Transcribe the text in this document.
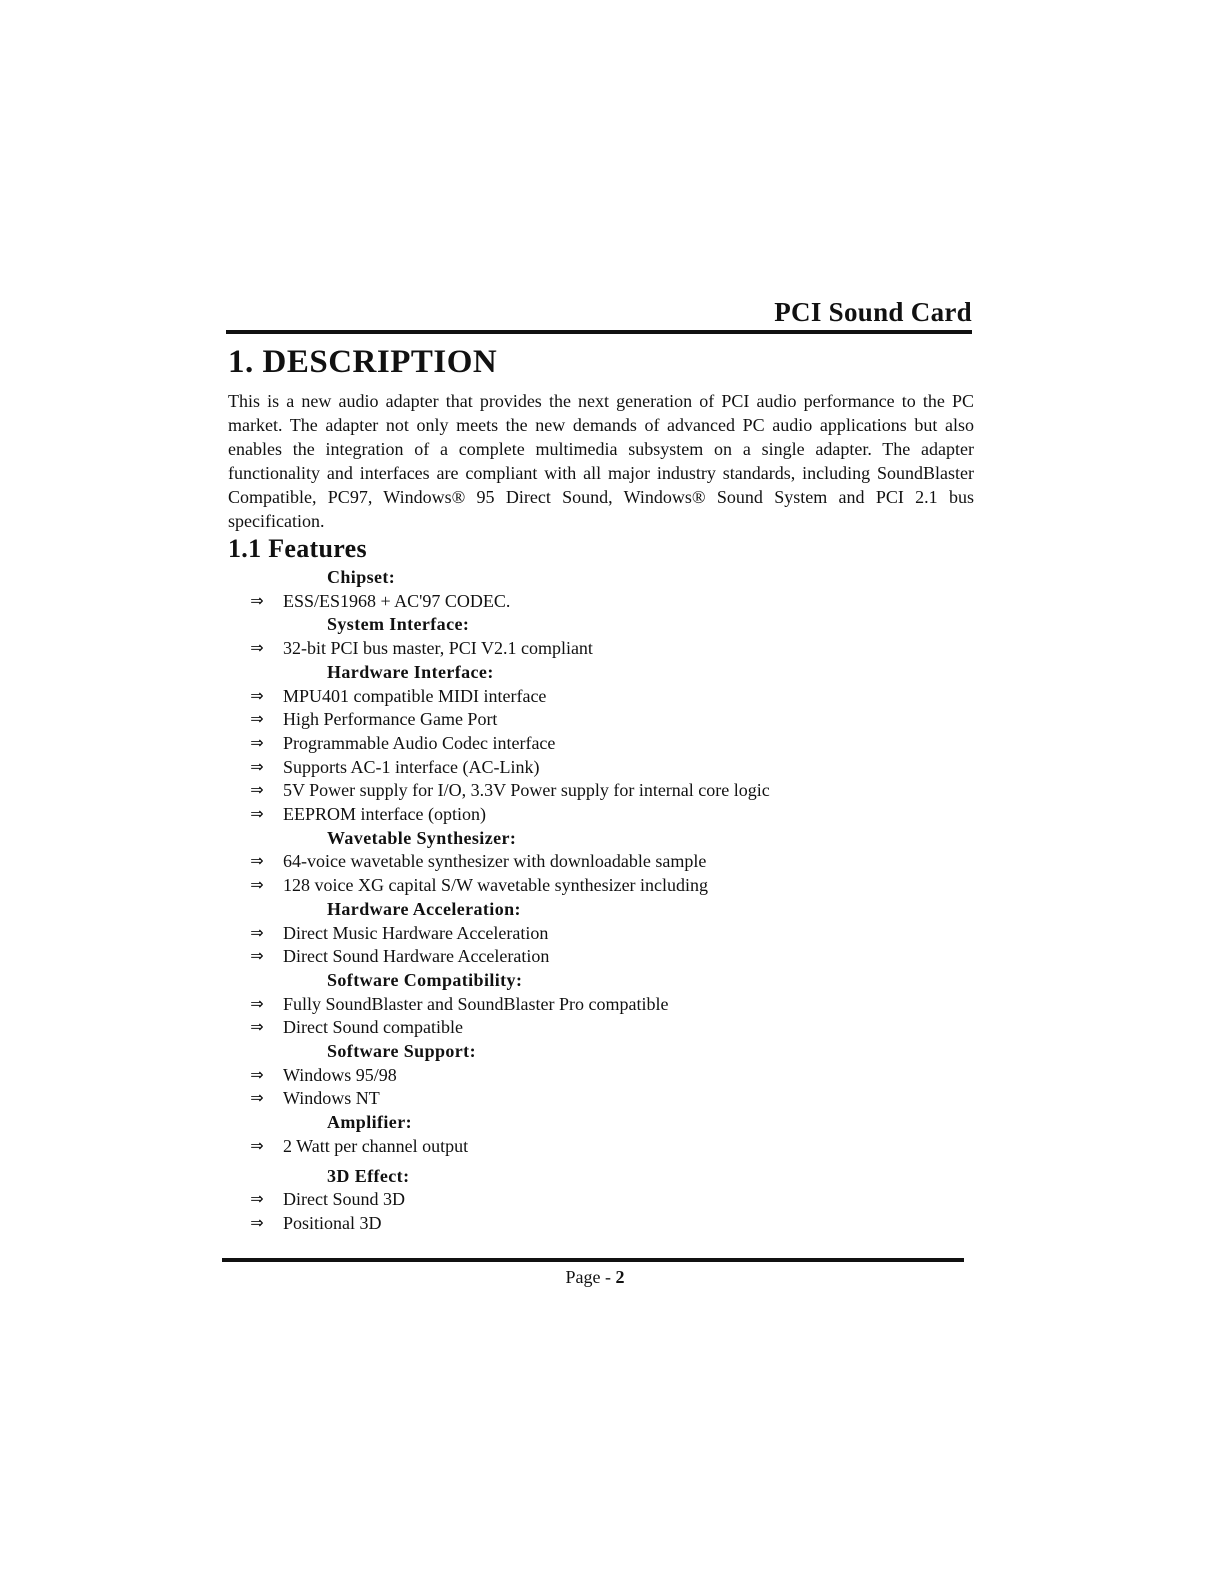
PCI Sound Card
1. DESCRIPTION

This is a new audio adapter that provides the next generation of PCI audio performance to the PC market. The adapter not only meets the new demands of advanced PC audio applications but also enables the integration of a complete multimedia subsystem on a single adapter. The adapter functionality and interfaces are compliant with all major industry standards, including SoundBlaster Compatible, PC97, Windows® 95 Direct Sound, Windows® Sound System and PCI 2.1 bus specification.

1.1 Features
Chipset:
⇒ ESS/ES1968 + AC'97 CODEC.
System Interface:
⇒ 32-bit PCI bus master, PCI V2.1 compliant
Hardware Interface:
⇒ MPU401 compatible MIDI interface
⇒ High Performance Game Port
⇒ Programmable Audio Codec interface
⇒ Supports AC-1 interface (AC-Link)
⇒ 5V Power supply for I/O, 3.3V Power supply for internal core logic
⇒ EEPROM interface (option)
Wavetable Synthesizer:
⇒ 64-voice wavetable synthesizer with downloadable sample
⇒ 128 voice XG capital S/W wavetable synthesizer including
Hardware Acceleration:
⇒ Direct Music Hardware Acceleration
⇒ Direct Sound Hardware Acceleration
Software Compatibility:
⇒ Fully SoundBlaster and SoundBlaster Pro compatible
⇒ Direct Sound compatible
Software Support:
⇒ Windows 95/98
⇒ Windows NT
Amplifier:
⇒ 2 Watt per channel output
3D Effect:
⇒ Direct Sound 3D
⇒ Positional 3D
Page - 2
